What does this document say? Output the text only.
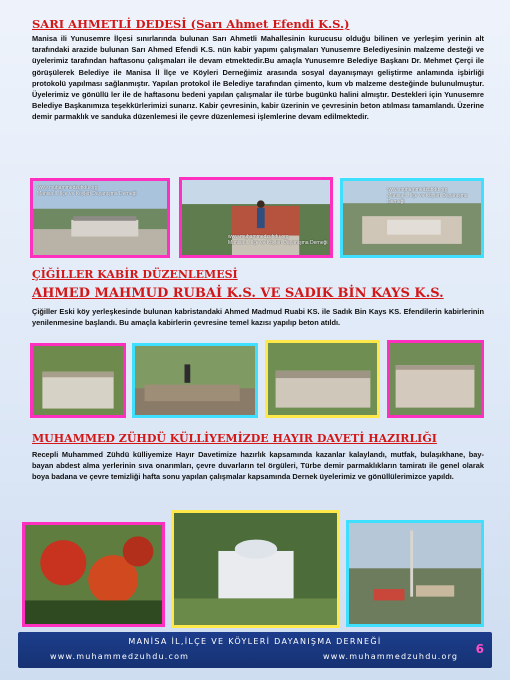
SARI AHMETLİ DEDESİ (Sarı Ahmet Efendi K.S.)

Manisa ili Yunusemre İlçesi sınırlarında bulunan Sarı Ahmetli Mahallesinin kurucusu olduğu bilinen ve yerleşim yerinin alt tarafındaki arazide bulunan Sarı Ahmed Efendi K.S. nün kabir yapımı çalışmaları Yunusemre Belediyesinin malzeme desteği ve üyelerimiz tarafından haftasonu çalışmaları ile devam etmektedir.Bu amaçla Yunusemre Belediye Başkanı Dr. Mehmet Çerçi ile görüşülerek Belediye ile Manisa İl İlçe ve Köyleri Derneğimiz arasında sosyal dayanışmayı geliştirme anlamında işbirliği protokolü yapılması sağlanmıştır. Yapılan protokol ile Belediye tarafından çimento, kum vb malzeme desteğinde bulunulmuştur. Üyelerimiz ve gönüllü ler ile de haftasonu bedeni yapılan çalışmalar ile türbe bugünkü halini almıştır. Destekleri için Yunusemre Belediye Başkanımıza teşekkürlerimizi sunarız. Kabir çevresinin, kabir üzerinin ve çevresinin beton atılması tamamlandı. Üzerine demir parmaklık ve sanduka düzenlemesi ile çevre düzenlemesi işlemlerine devam edilmektedir.

www.muhammedzuhdu.org
Manisa İl, İlçe ve Köyleri Dayanışma Derneği
www.muhammedzuhdu.org
Manisa İl, İlçe ve Köyleri Dayanışma Derneği
www.muhammedzuhdu.org
Manisa İl, İlçe ve Köyleri Dayanışma Derneği
ÇİĞİLLER KABİR DÜZENLEMESİ
AHMED MAHMUD RUBAİ K.S. VE SADIK BİN KAYS K.S.

Çiğiller Eski köy yerleşkesinde bulunan kabristandaki Ahmed Madmud Ruabi KS. ile Sadık Bin Kays KS. Efendilerin kabirlerinin yenilenmesine başlandı. Bu amaçla kabirlerin çevresine temel kazısı yapılıp beton atıldı.

MUHAMMED ZÜHDÜ KÜLLİYEMİZDE HAYIR DAVETİ HAZIRLIĞI

Recepli Muhammed Zühdü külliyemize Hayır Davetimize hazırlık kapsamında kazanlar kalaylandı, mutfak, bulaşıkhane, bay-bayan abdest alma yerlerinin sıva onarımları, çevre duvarların tel örgüleri, Türbe demir parmaklıkların tamiratı ile genel olarak boya badana ve çevre temizliği hafta sonu yapılan çalışmalar kapsamında Dernek üyelerimiz ve gönüllülerimizce yapıldı.

MANİSA İL,İLÇE VE KÖYLERİ DAYANIŞMA DERNEĞİ
www.muhammedzuhdu.com	www.muhammedzuhdu.org
6
